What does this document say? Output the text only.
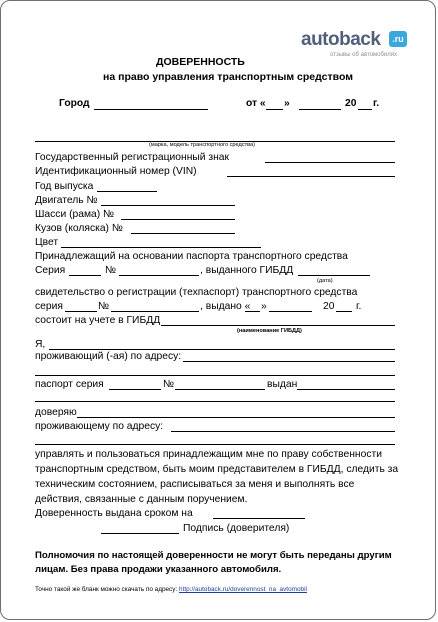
autoback	.ru
отзывы об автомобилях
ДОВЕРЕННОСТЬ
на право управления транспортным средством
Город	от « »	20 г.
(марка, модель транспортного средства)
Государственный регистрационный знак
Идентификационный номер (VIN)
Год выпуска
Двигатель №
Шасси (рама) №
Кузов (коляска) №
Цвет
Принадлежащий на основании паспорта транспортного средства
Серия	№	, выданного ГИБДД
(дата)
свидетельство о регистрации (техпаспорт) транспортного средства
серия	№	, выдано « »	20 г.
состоит на учете в ГИБДД
(наименование ГИБДД)
Я,
проживающий (-ая) по адресу:
паспорт серия	№	выдан
доверяю
проживающему по адресу:
управлять и пользоваться принадлежащим мне по праву собственности
транспортным средством, быть моим представителем в ГИБДД, следить за
техническим состоянием, расписываться за меня и выполнять все
действия, связанные с данным поручением.
Доверенность выдана сроком на
Подпись (доверителя)
Полномочия по настоящей доверенности не могут быть переданы другим
лицам. Без права продажи указанного автомобиля.
Точно такой же бланк можно скачать по адресу: http://autoback.ru/doverennost_na_avtomobil
